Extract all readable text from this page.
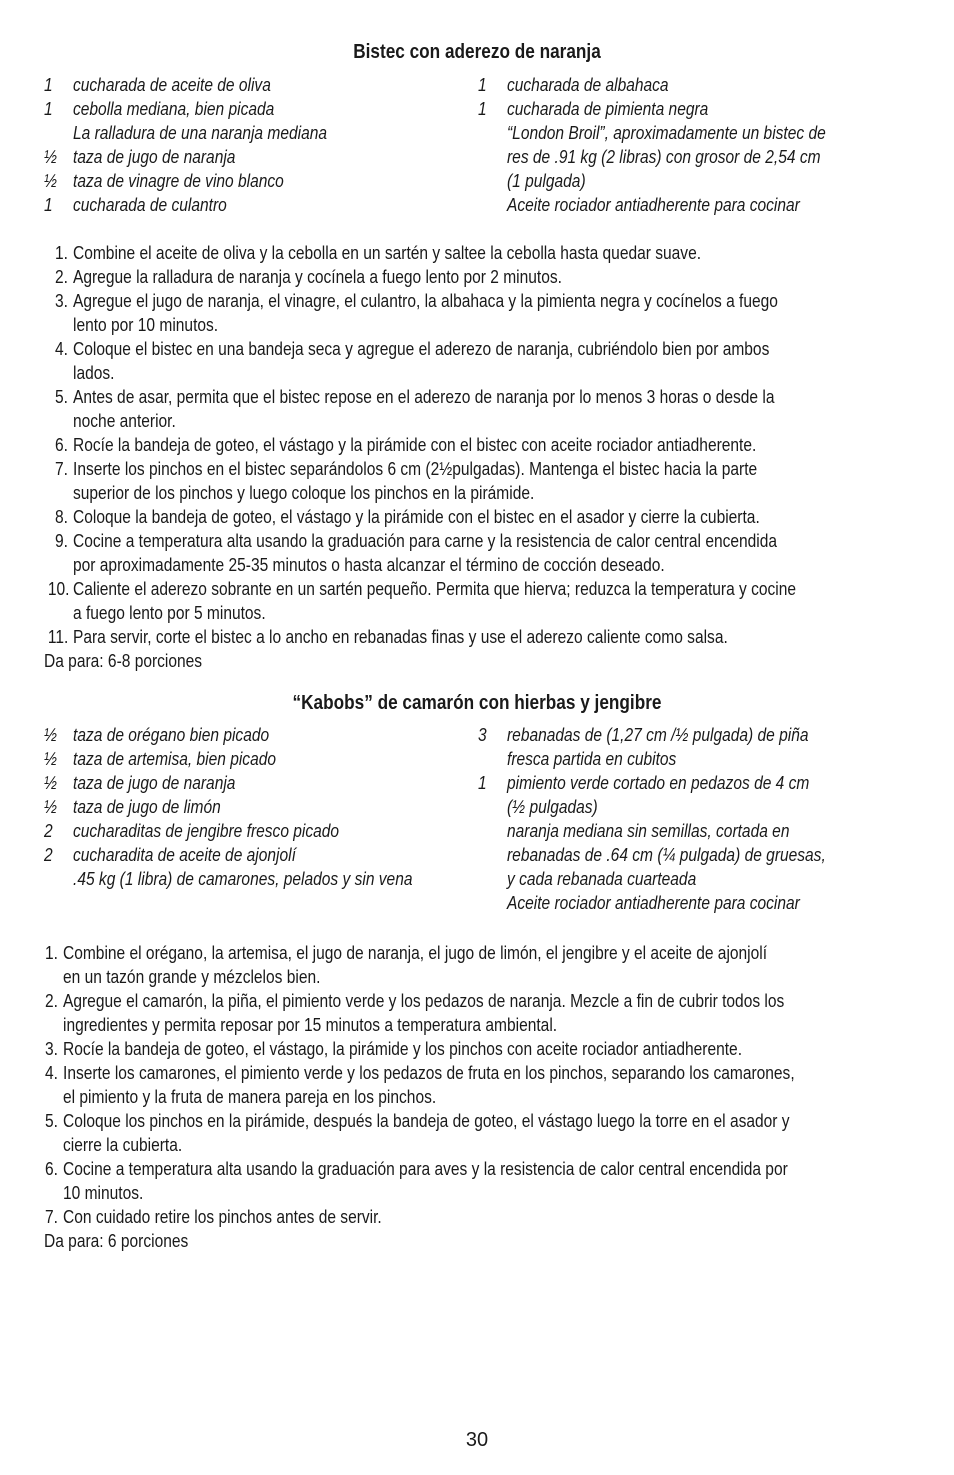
Bistec con aderezo de naranja
1 cucharada de aceite de oliva
1 cebolla mediana, bien picada
La ralladura de una naranja mediana
½ taza de jugo de naranja
½ taza de vinagre de vino blanco
1 cucharada de culantro
1 cucharada de albahaca
1 cucharada de pimienta negra
“London Broil”, aproximadamente un bistec de
res de .91 kg (2 libras) con grosor de 2,54 cm
(1 pulgada)
Aceite rociador antiadherente para cocinar
1. Combine el aceite de oliva y la cebolla en un sartén y saltee la cebolla hasta quedar suave.
2. Agregue la ralladura de naranja y cocínela a fuego lento por 2 minutos.
3. Agregue el jugo de naranja, el vinagre, el culantro, la albahaca y la pimienta negra y cocínelos a fuego
lento por 10 minutos.
4. Coloque el bistec en una bandeja seca y agregue el aderezo de naranja, cubriéndolo bien por ambos
lados.
5. Antes de asar, permita que el bistec repose en el aderezo de naranja por lo menos 3 horas o desde la
noche anterior.
6. Rocíe la bandeja de goteo, el vástago y la pirámide con el bistec con aceite rociador antiadherente.
7. Inserte los pinchos en el bistec separándolos 6 cm (2½pulgadas). Mantenga el bistec hacia la parte
superior de los pinchos y luego coloque los pinchos en la pirámide.
8. Coloque la bandeja de goteo, el vástago y la pirámide con el bistec en el asador y cierre la cubierta.
9. Cocine a temperatura alta usando la graduación para carne y la resistencia de calor central encendida
por aproximadamente 25-35 minutos o hasta alcanzar el término de cocción deseado.
10. Caliente el aderezo sobrante en un sartén pequeño. Permita que hierva; reduzca la temperatura y cocine
a fuego lento por 5 minutos.
11. Para servir, corte el bistec a lo ancho en rebanadas finas y use el aderezo caliente como salsa.
Da para: 6-8 porciones
“Kabobs” de camarón con hierbas y jengibre
½ taza de orégano bien picado
½ taza de artemisa, bien picado
½ taza de jugo de naranja
½ taza de jugo de limón
2 cucharaditas de jengibre fresco picado
2 cucharadita de aceite de ajonjolí
.45 kg (1 libra) de camarones, pelados y sin vena
3 rebanadas de (1,27 cm /½ pulgada) de piña
fresca partida en cubitos
1 pimiento verde cortado en pedazos de 4 cm
(½ pulgadas)
naranja mediana sin semillas, cortada en
rebanadas de .64 cm (¼ pulgada) de gruesas,
y cada rebanada cuarteada
Aceite rociador antiadherente para cocinar
1. Combine el orégano, la artemisa, el jugo de naranja, el jugo de limón, el jengibre y el aceite de ajonjolí
en un tazón grande y mézclelos bien.
2. Agregue el camarón, la piña, el pimiento verde y los pedazos de naranja. Mezcle a fin de cubrir todos los
ingredientes y permita reposar por 15 minutos a temperatura ambiental.
3. Rocíe la bandeja de goteo, el vástago, la pirámide y los pinchos con aceite rociador antiadherente.
4. Inserte los camarones, el pimiento verde y los pedazos de fruta en los pinchos, separando los camarones,
el pimiento y la fruta de manera pareja en los pinchos.
5. Coloque los pinchos en la pirámide, después la bandeja de goteo, el vástago luego la torre en el asador y
cierre la cubierta.
6. Cocine a temperatura alta usando la graduación para aves y la resistencia de calor central encendida por
10 minutos.
7. Con cuidado retire los pinchos antes de servir.
Da para: 6 porciones
30
